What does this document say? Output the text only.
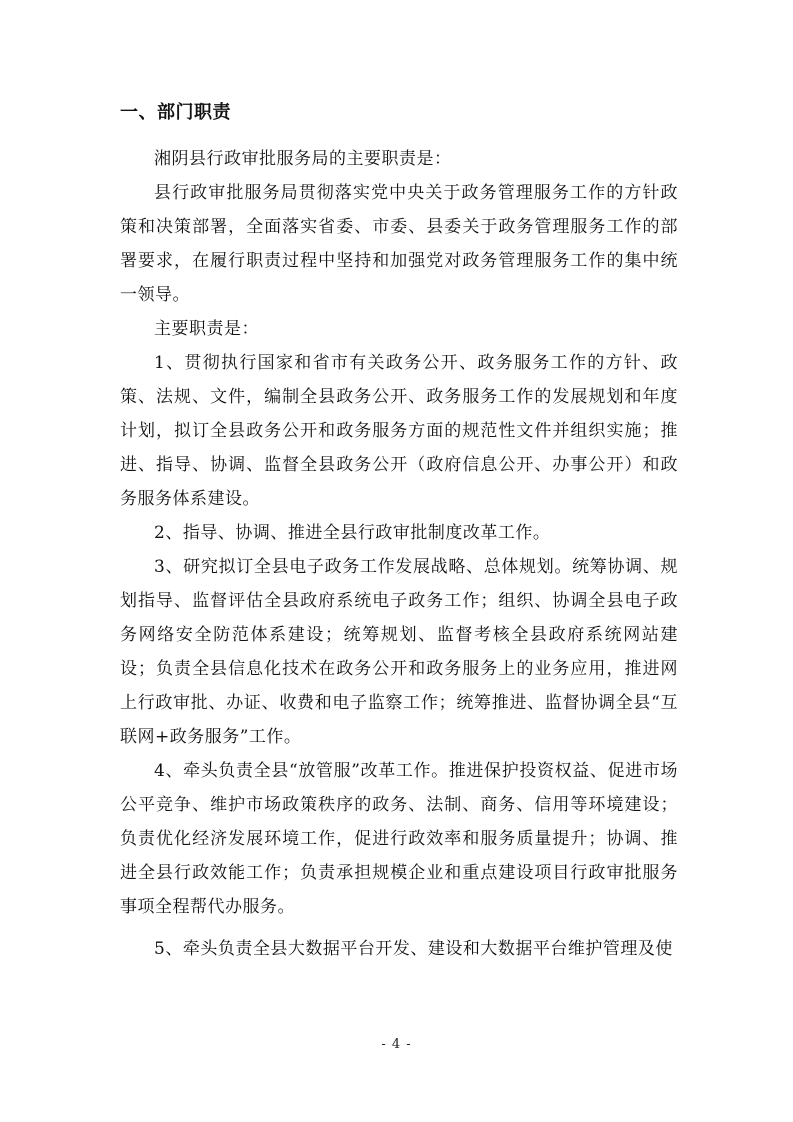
一、部门职责

湘阴县行政审批服务局的主要职责是：

县行政审批服务局贯彻落实党中央关于政务管理服务工作的方针政策和决策部署，全面落实省委、市委、县委关于政务管理服务工作的部署要求，在履行职责过程中坚持和加强党对政务管理服务工作的集中统一领导。

主要职责是：

1、贯彻执行国家和省市有关政务公开、政务服务工作的方针、政策、法规、文件，编制全县政务公开、政务服务工作的发展规划和年度计划，拟订全县政务公开和政务服务方面的规范性文件并组织实施；推进、指导、协调、监督全县政务公开（政府信息公开、办事公开）和政务服务体系建设。

2、指导、协调、推进全县行政审批制度改革工作。

3、研究拟订全县电子政务工作发展战略、总体规划。统筹协调、规划指导、监督评估全县政府系统电子政务工作；组织、协调全县电子政务网络安全防范体系建设；统筹规划、监督考核全县政府系统网站建设；负责全县信息化技术在政务公开和政务服务上的业务应用，推进网上行政审批、办证、收费和电子监察工作；统筹推进、监督协调全县“互联网+政务服务”工作。

4、牵头负责全县“放管服”改革工作。推进保护投资权益、促进市场公平竞争、维护市场政策秩序的政务、法制、商务、信用等环境建设；负责优化经济发展环境工作，促进行政效率和服务质量提升；协调、推进全县行政效能工作；负责承担规模企业和重点建设项目行政审批服务事项全程帮代办服务。

5、牵头负责全县大数据平台开发、建设和大数据平台维护管理及使

- 4 -
